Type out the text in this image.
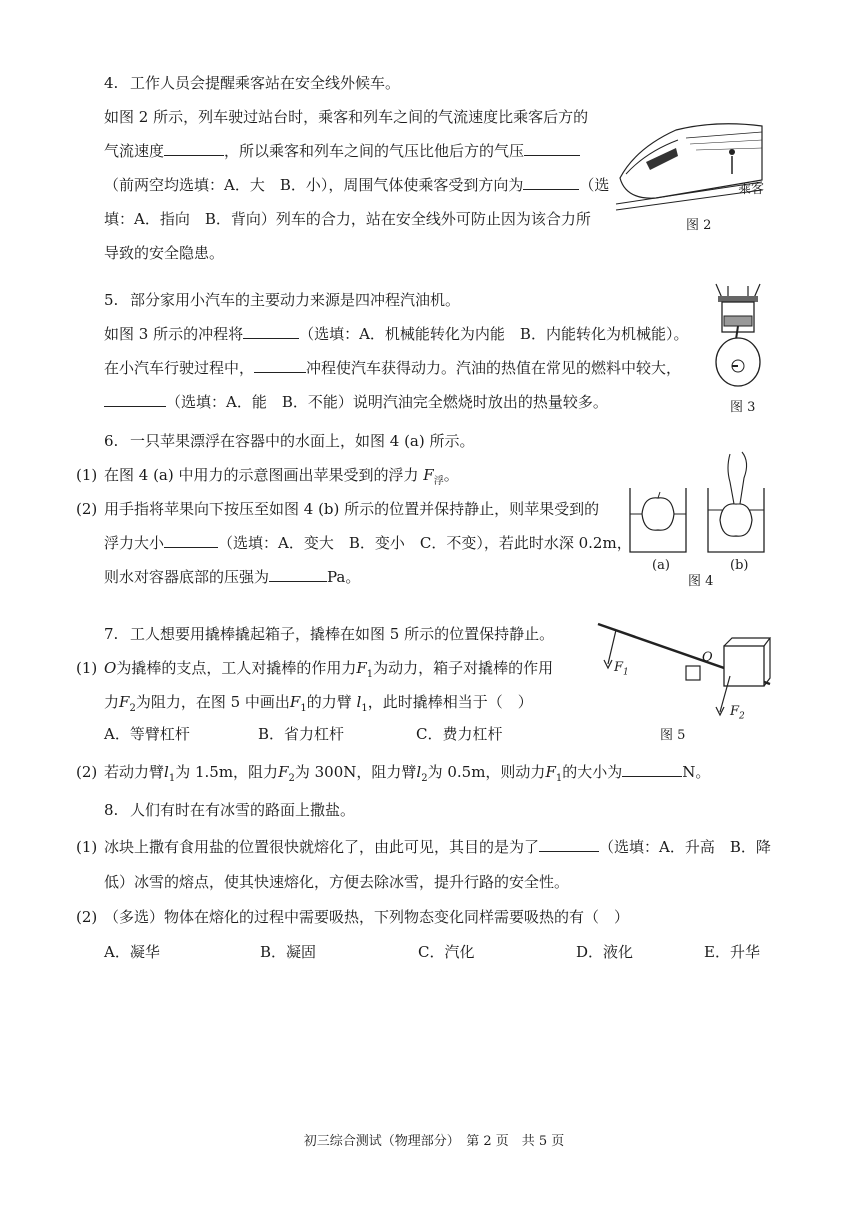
4. 工作人员会提醒乘客站在安全线外候车。
如图 2 所示，列车驶过站台时，乘客和列车之间的气流速度比乘客后方的
气流速度	，所以乘客和列车之间的气压比他后方的气压
（前两空均选填：A．大　B．小），周围气体使乘客受到方向为	（选
填：A．指向　B．背向）列车的合力，站在安全线外可防止因为该合力所
导致的安全隐患。
乘客
图 2
5. 部分家用小汽车的主要动力来源是四冲程汽油机。
如图 3 所示的冲程将	（选填：A．机械能转化为内能　B．内能转化为机械能）。
在小汽车行驶过程中，	冲程使汽车获得动力。汽油的热值在常见的燃料中较大，
（选填：A．能　B．不能）说明汽油完全燃烧时放出的热量较多。	图 3
6. 一只苹果漂浮在容器中的水面上，如图 4 (a) 所示。
(1) 在图 4 (a) 中用力的示意图画出苹果受到的浮力 $F_浮$。
(2) 用手指将苹果向下按压至如图 4 (b) 所示的位置并保持静止，则苹果受到的
浮力大小	（选填：A．变大　B．变小　C．不变），若此时水深 0.2m，
则水对容器底部的压强为	Pa。
(a)
图 4
(b)
7. 工人想要用撬棒撬起箱子，撬棒在如图 5 所示的位置保持静止。
(1) O为撬棒的支点，工人对撬棒的作用力$F_1$为动力，箱子对撬棒的作用
力$F_2$为阻力，在图 5 中画出$F_1$的力臂 $l_1$，此时撬棒相当于（　）
A．等臂杠杆	B．省力杠杆	C．费力杠杆
$F_1$
O
$F_2$
图 5
(2) 若动力臂$l_1$为 1.5m，阻力$F_2$为 300N，阻力臂$l_2$为 0.5m，则动力$F_1$的大小为	N。
8. 人们有时在有冰雪的路面上撒盐。
(1) 冰块上撒有食用盐的位置很快就熔化了，由此可见，其目的是为了	（选填：A．升高　B．降
低）冰雪的熔点，使其快速熔化，方便去除冰雪，提升行路的安全性。
(2) （多选）物体在熔化的过程中需要吸热，下列物态变化同样需要吸热的有（　）
A．凝华	B．凝固	C．汽化	D．液化	E．升华
初三综合测试（物理部分）　第 2 页　共 5 页
